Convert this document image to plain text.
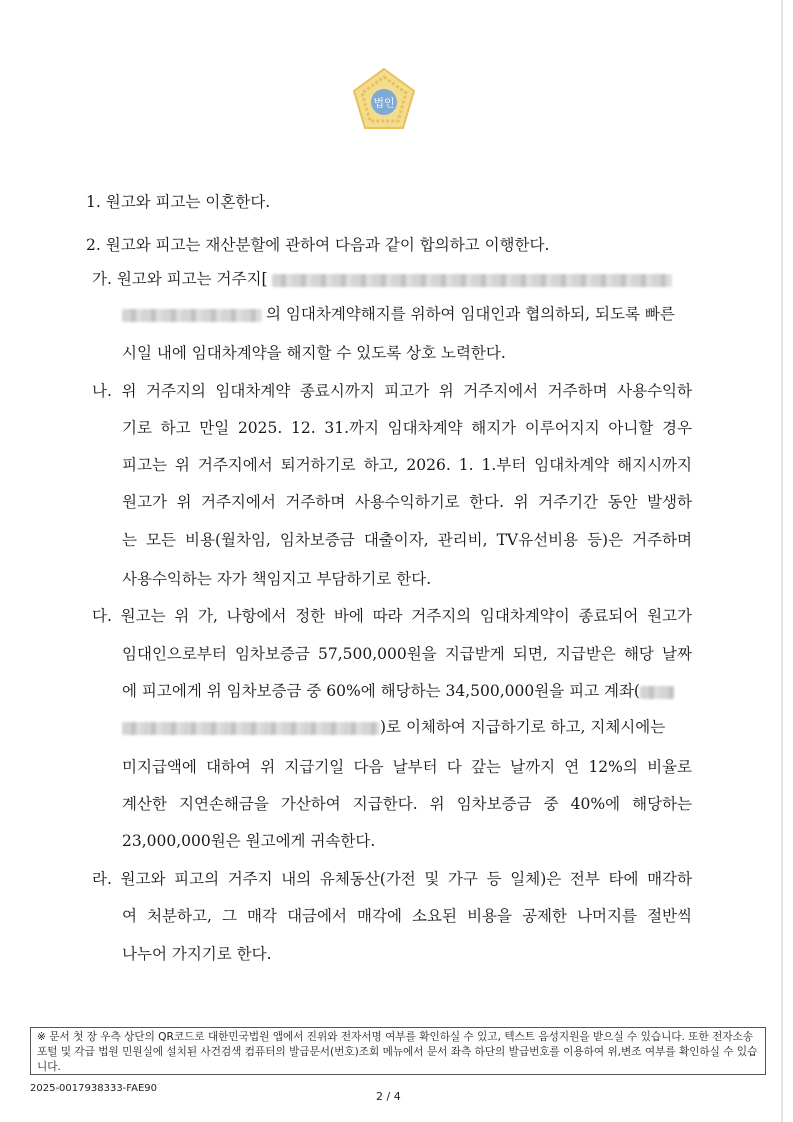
법인
1. 원고와 피고는 이혼한다.
2. 원고와 피고는 재산분할에 관하여 다음과 같이 합의하고 이행한다.
가. 원고와 피고는 거주지[
의 임대차계약해지를 위하여 임대인과 협의하되, 되도록 빠른
시일 내에 임대차계약을 해지할 수 있도록 상호 노력한다.
나. 위 거주지의 임대차계약 종료시까지 피고가 위 거주지에서 거주하며 사용수익하
기로 하고 만일 2025. 12. 31.까지 임대차계약 해지가 이루어지지 아니할 경우
피고는 위 거주지에서 퇴거하기로 하고, 2026. 1. 1.부터 임대차계약 해지시까지
원고가 위 거주지에서 거주하며 사용수익하기로 한다. 위 거주기간 동안 발생하
는 모든 비용(월차임, 임차보증금 대출이자, 관리비, TV유선비용 등)은 거주하며
사용수익하는 자가 책임지고 부담하기로 한다.
다. 원고는 위 가, 나항에서 정한 바에 따라 거주지의 임대차계약이 종료되어 원고가
임대인으로부터 임차보증금 57,500,000원을 지급받게 되면, 지급받은 해당 날짜
에 피고에게 위 임차보증금 중 60%에 해당하는 34,500,000원을 피고 계좌(
)로 이체하여 지급하기로 하고, 지체시에는
미지급액에 대하여 위 지급기일 다음 날부터 다 갚는 날까지 연 12%의 비율로
계산한 지연손해금을 가산하여 지급한다. 위 임차보증금 중 40%에 해당하는
23,000,000원은 원고에게 귀속한다.
라. 원고와 피고의 거주지 내의 유체동산(가전 및 가구 등 일체)은 전부 타에 매각하
여 처분하고, 그 매각 대금에서 매각에 소요된 비용을 공제한 나머지를 절반씩
나누어 가지기로 한다.
※ 문서 첫 장 우측 상단의 QR코드로 대한민국법원 앱에서 진위와 전자서명 여부를 확인하실 수 있고, 텍스트 음성지원을 받으실 수 있습니다. 또한 전자소송포털 및 각급 법원 민원실에 설치된 사건검색 컴퓨터의 발급문서(번호)조회 메뉴에서 문서 좌측 하단의 발급번호를 이용하여 위,변조 여부를 확인하실 수 있습니다.
2025-0017938333-FAE90
2 / 4
